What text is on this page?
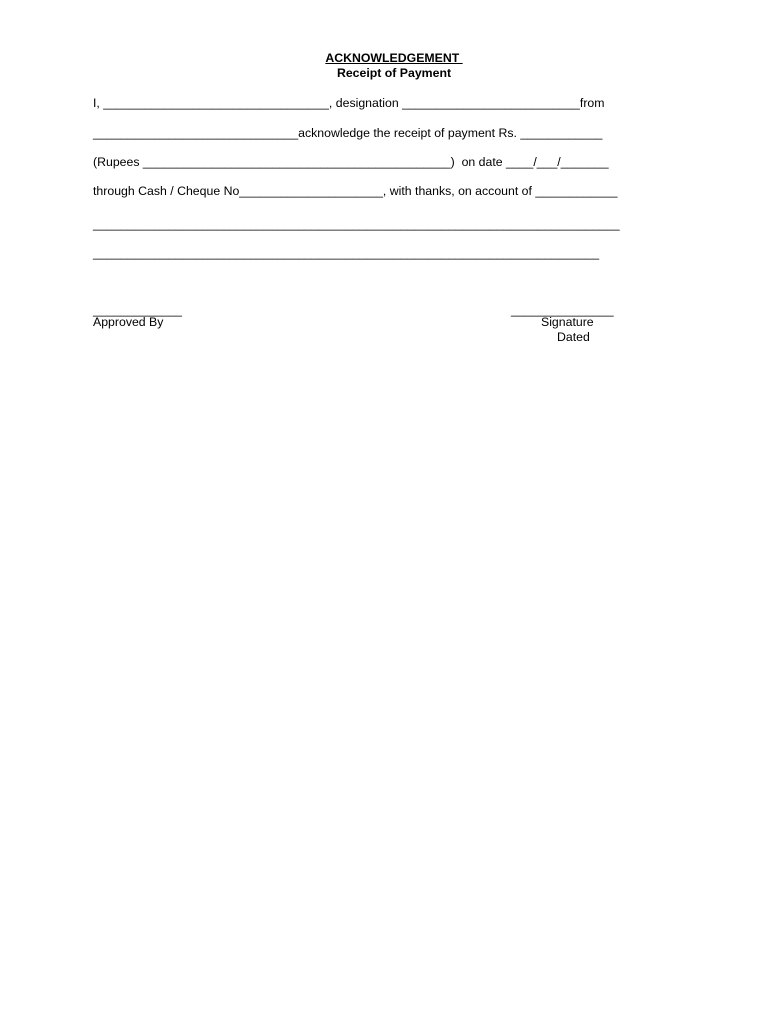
ACKNOWLEDGEMENT
Receipt of Payment
I, _________________________________, designation __________________________from
______________________________acknowledge the receipt of payment Rs. ____________
(Rupees _____________________________________________)  on date ____/___/_______
through Cash / Cheque No_____________________, with thanks, on account of ____________
_____________________________________________________________________________
__________________________________________________________________________
_____________
Approved By
_______________
Signature
Dated
